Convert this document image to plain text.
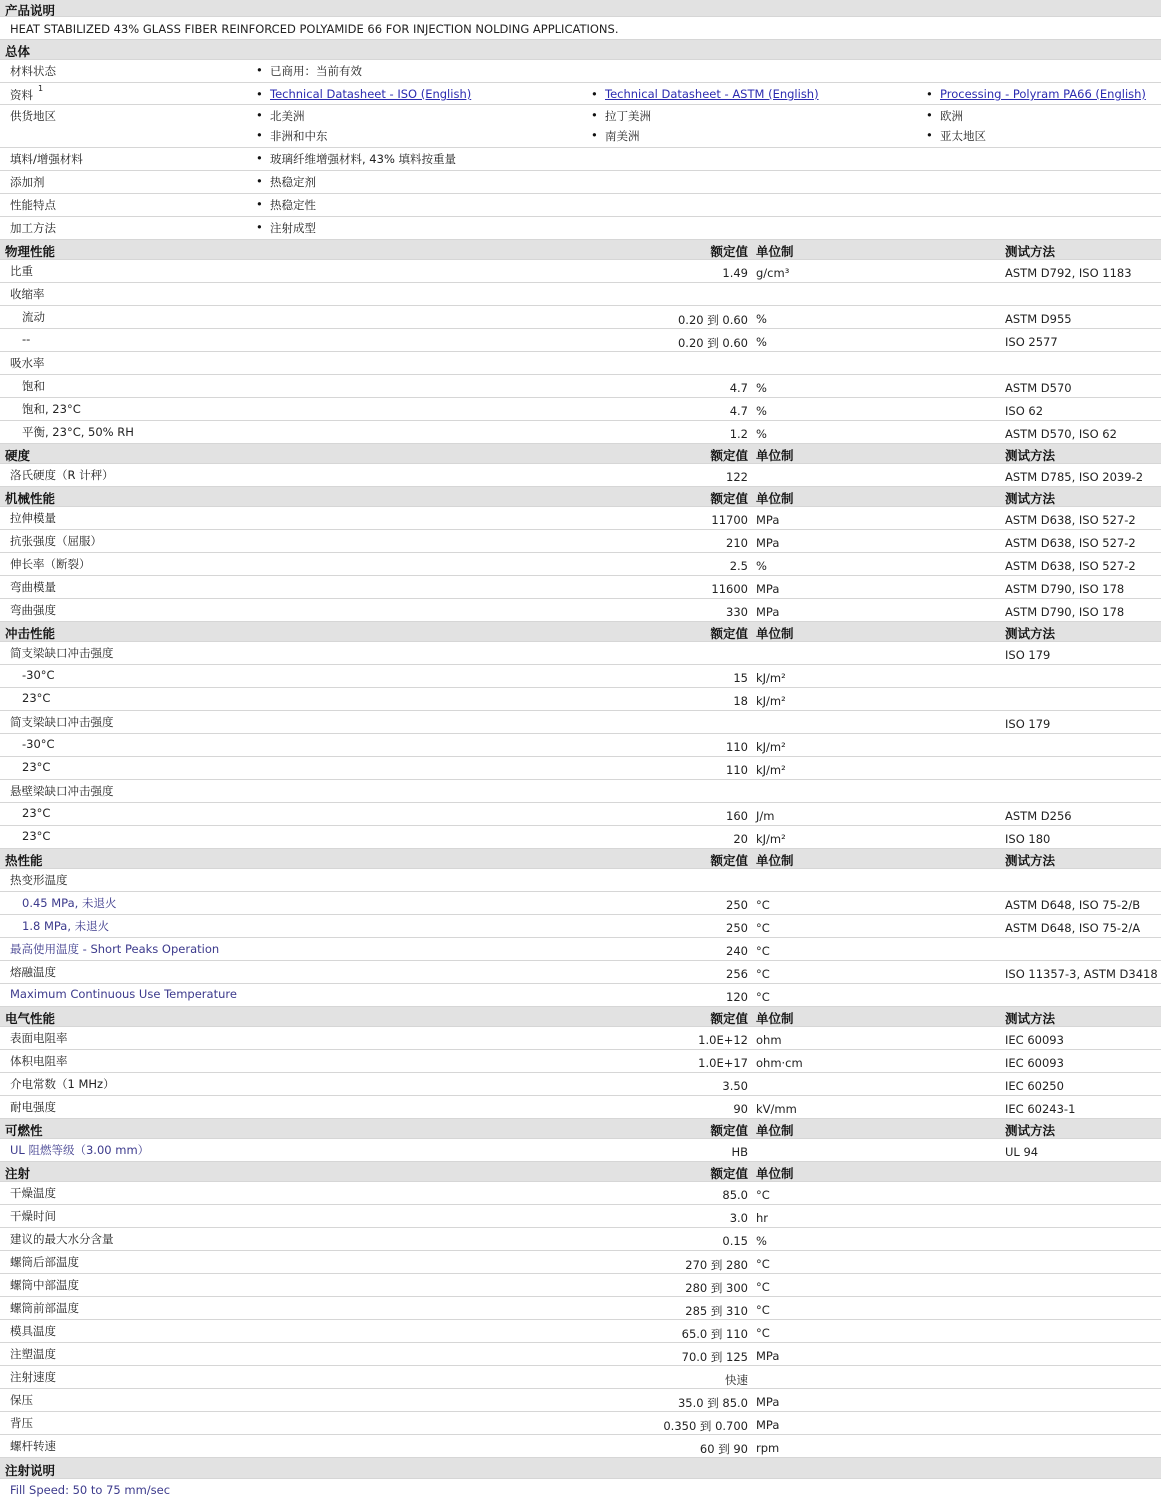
产品说明
HEAT STABILIZED 43% GLASS FIBER REINFORCED POLYAMIDE 66 FOR INJECTION NOLDING APPLICATIONS.
总体
材料状态	• 已商用：当前有效
资料 1	• Technical Datasheet - ISO (English)	• Technical Datasheet - ASTM (English)	• Processing - Polyram PA66 (English)
供货地区	• 北美洲	• 拉丁美洲	• 欧洲
• 非洲和中东	• 南美洲	• 亚太地区
填料/增强材料	• 玻璃纤维增强材料, 43% 填料按重量
添加剂	• 热稳定剂
性能特点	• 热稳定性
加工方法	• 注射成型
物理性能	额定值 单位制	测试方法
比重	1.49 g/cm³	ASTM D792, ISO 1183
收缩率
流动	0.20 到 0.60 %	ASTM D955
--	0.20 到 0.60 %	ISO 2577
吸水率
饱和	4.7 %	ASTM D570
饱和, 23°C	4.7 %	ISO 62
平衡, 23°C, 50% RH	1.2 %	ASTM D570, ISO 62
硬度	额定值 单位制	测试方法
洛氏硬度（R 计秤）	122	ASTM D785, ISO 2039-2
机械性能	额定值 单位制	测试方法
拉伸模量	11700 MPa	ASTM D638, ISO 527-2
抗张强度（屈服）	210 MPa	ASTM D638, ISO 527-2
伸长率（断裂）	2.5 %	ASTM D638, ISO 527-2
弯曲模量	11600 MPa	ASTM D790, ISO 178
弯曲强度	330 MPa	ASTM D790, ISO 178
冲击性能	额定值 单位制	测试方法
简支梁缺口冲击强度	ISO 179
-30°C	15 kJ/m²
23°C	18 kJ/m²
简支梁缺口冲击强度	ISO 179
-30°C	110 kJ/m²
23°C	110 kJ/m²
悬壁梁缺口冲击强度
23°C	160 J/m	ASTM D256
23°C	20 kJ/m²	ISO 180
热性能	额定值 单位制	测试方法
热变形温度
0.45 MPa, 未退火	250 °C	ASTM D648, ISO 75-2/B
1.8 MPa, 未退火	250 °C	ASTM D648, ISO 75-2/A
最高使用温度 - Short Peaks Operation	240 °C
熔融温度	256 °C	ISO 11357-3, ASTM D3418
Maximum Continuous Use Temperature	120 °C
电气性能	额定值 单位制	测试方法
表面电阻率	1.0E+12 ohm	IEC 60093
体积电阻率	1.0E+17 ohm·cm	IEC 60093
介电常数（1 MHz）	3.50	IEC 60250
耐电强度	90 kV/mm	IEC 60243-1
可燃性	额定值 单位制	测试方法
UL 阻燃等级（3.00 mm）	HB	UL 94
注射	额定值 单位制
干燥温度	85.0 °C
干燥时间	3.0 hr
建议的最大水分含量	0.15 %
螺筒后部温度	270 到 280 °C
螺筒中部温度	280 到 300 °C
螺筒前部温度	285 到 310 °C
模具温度	65.0 到 110 °C
注塑温度	70.0 到 125 MPa
注射速度	快速
保压	35.0 到 85.0 MPa
背压	0.350 到 0.700 MPa
螺杆转速	60 到 90 rpm
注射说明
Fill Speed: 50 to 75 mm/sec
